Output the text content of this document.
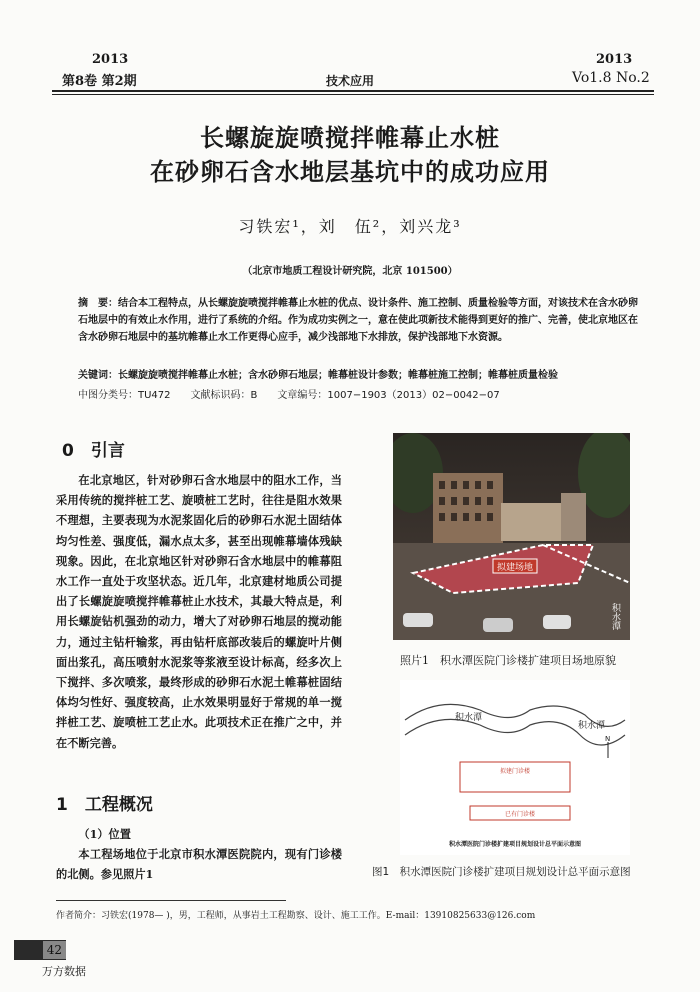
2013
第8卷 第2期	技术应用
2013
Vo1.8 No.2
长螺旋旋喷搅拌帷幕止水桩
在砂卵石含水地层基坑中的成功应用
习铁宏¹，刘　伍²，刘兴龙³
（北京市地质工程设计研究院，北京 101500）
摘　要：结合本工程特点，从长螺旋旋喷搅拌帷幕止水桩的优点、设计条件、施工控制、质量检验等方面，对该技术在含水砂卵石地层中的有效止水作用，进行了系统的介绍。作为成功实例之一，意在使此项新技术能得到更好的推广、完善，使北京地区在含水砂卵石地层中的基坑帷幕止水工作更得心应手，减少浅部地下水排放，保护浅部地下水资源。
关键词：长螺旋旋喷搅拌帷幕止水桩；含水砂卵石地层；帷幕桩设计参数；帷幕桩施工控制；帷幕桩质量检验
中图分类号：TU472　　文献标识码：B　　文章编号：1007−1903（2013）02−0042−07
0　引言

在北京地区，针对砂卵石含水地层中的阻水工作，当采用传统的搅拌桩工艺、旋喷桩工艺时，往往是阻水效果不理想，主要表现为水泥浆固化后的砂卵石水泥土固结体均匀性差、强度低，漏水点太多，甚至出现帷幕墙体残缺现象。因此，在北京地区针对砂卵石含水地层中的帷幕阻水工作一直处于攻坚状态。近几年，北京建材地质公司提出了长螺旋旋喷搅拌帷幕桩止水技术，其最大特点是，利用长螺旋钻机强劲的动力，增大了对砂卵石地层的搅动能力，通过主钻杆输浆，再由钻杆底部改装后的螺旋叶片侧面出浆孔，高压喷射水泥浆等浆液至设计标高，经多次上下搅拌、多次喷浆，最终形成的砂卵石水泥土帷幕桩固结体均匀性好、强度较高，止水效果明显好于常规的单一搅拌桩工艺、旋喷桩工艺止水。此项技术正在推广之中，并在不断完善。

1　工程概况

（1）位置

本工程场地位于北京市积水潭医院院内，现有门诊楼的北侧。参见照片1

拟建场地
积水潭
照片1　积水潭医院门诊楼扩建项目场地原貌
积水潭
积水潭
N
拟建门诊楼
已有门诊楼
积水潭医院门诊楼扩建项目规划设计总平面示意图
图1　积水潭医院门诊楼扩建项目规划设计总平面示意图
作者简介：习铁宏(1978— )，男，工程师，从事岩土工程勘察、设计、施工工作。E-mail：13910825633@126.com
42
万方数据
